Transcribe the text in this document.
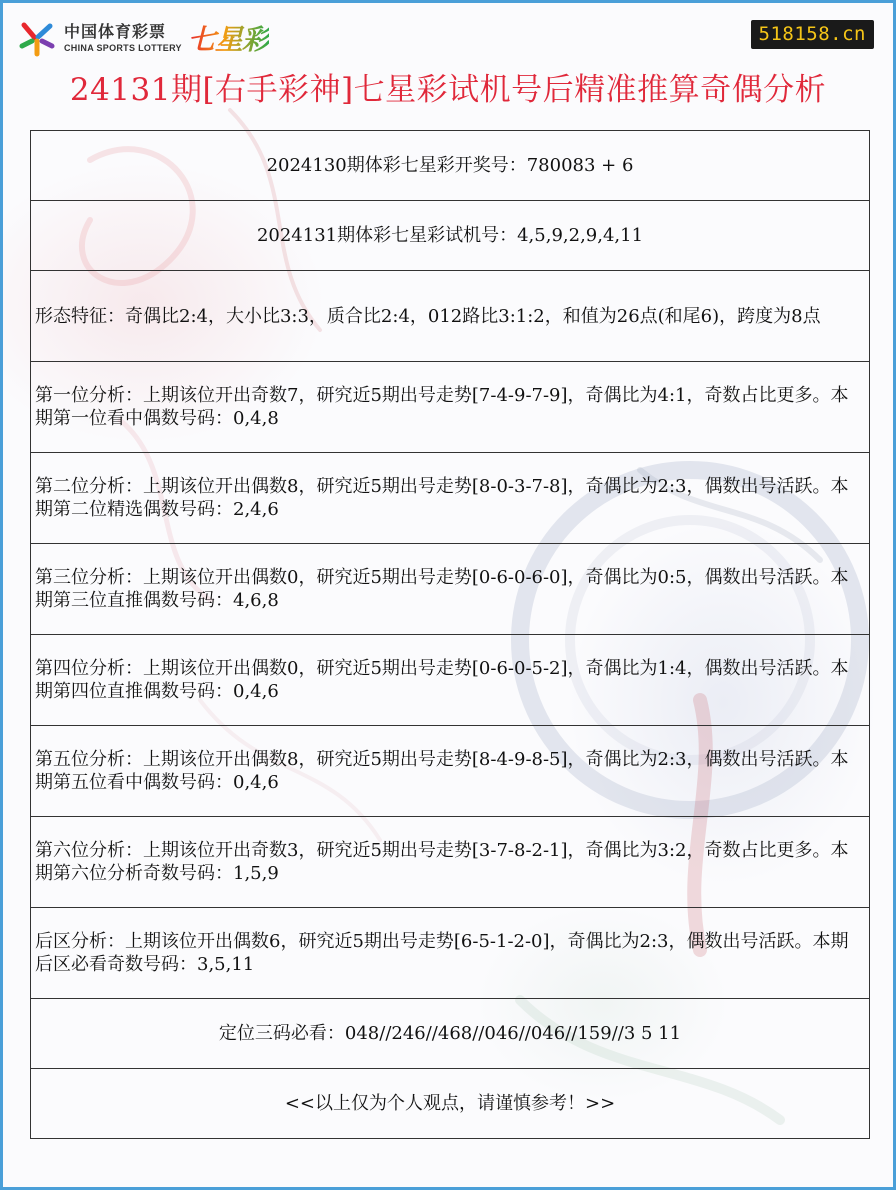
中国体育彩票
CHINA SPORTS LOTTERY 七星彩	518158.cn
24131期[右手彩神]七星彩试机号后精准推算奇偶分析
2024130期体彩七星彩开奖号：780083 + 6
2024131期体彩七星彩试机号：4,5,9,2,9,4,11
形态特征：奇偶比2:4，大小比3:3，质合比2:4，012路比3:1:2，和值为26点(和尾6)，跨度为8点
第一位分析：上期该位开出奇数7，研究近5期出号走势[7-4-9-7-9]，奇偶比为4:1，奇数占比更多。本期第一位看中偶数号码：0,4,8
第二位分析：上期该位开出偶数8，研究近5期出号走势[8-0-3-7-8]，奇偶比为2:3，偶数出号活跃。本期第二位精选偶数号码：2,4,6
第三位分析：上期该位开出偶数0，研究近5期出号走势[0-6-0-6-0]，奇偶比为0:5，偶数出号活跃。本期第三位直推偶数号码：4,6,8
第四位分析：上期该位开出偶数0，研究近5期出号走势[0-6-0-5-2]，奇偶比为1:4，偶数出号活跃。本期第四位直推偶数号码：0,4,6
第五位分析：上期该位开出偶数8，研究近5期出号走势[8-4-9-8-5]，奇偶比为2:3，偶数出号活跃。本期第五位看中偶数号码：0,4,6
第六位分析：上期该位开出奇数3，研究近5期出号走势[3-7-8-2-1]，奇偶比为3:2，奇数占比更多。本期第六位分析奇数号码：1,5,9
后区分析：上期该位开出偶数6，研究近5期出号走势[6-5-1-2-0]，奇偶比为2:3，偶数出号活跃。本期后区必看奇数号码：3,5,11
定位三码必看：048//246//468//046//046//159//3 5 11
<<以上仅为个人观点，请谨慎参考！>>
